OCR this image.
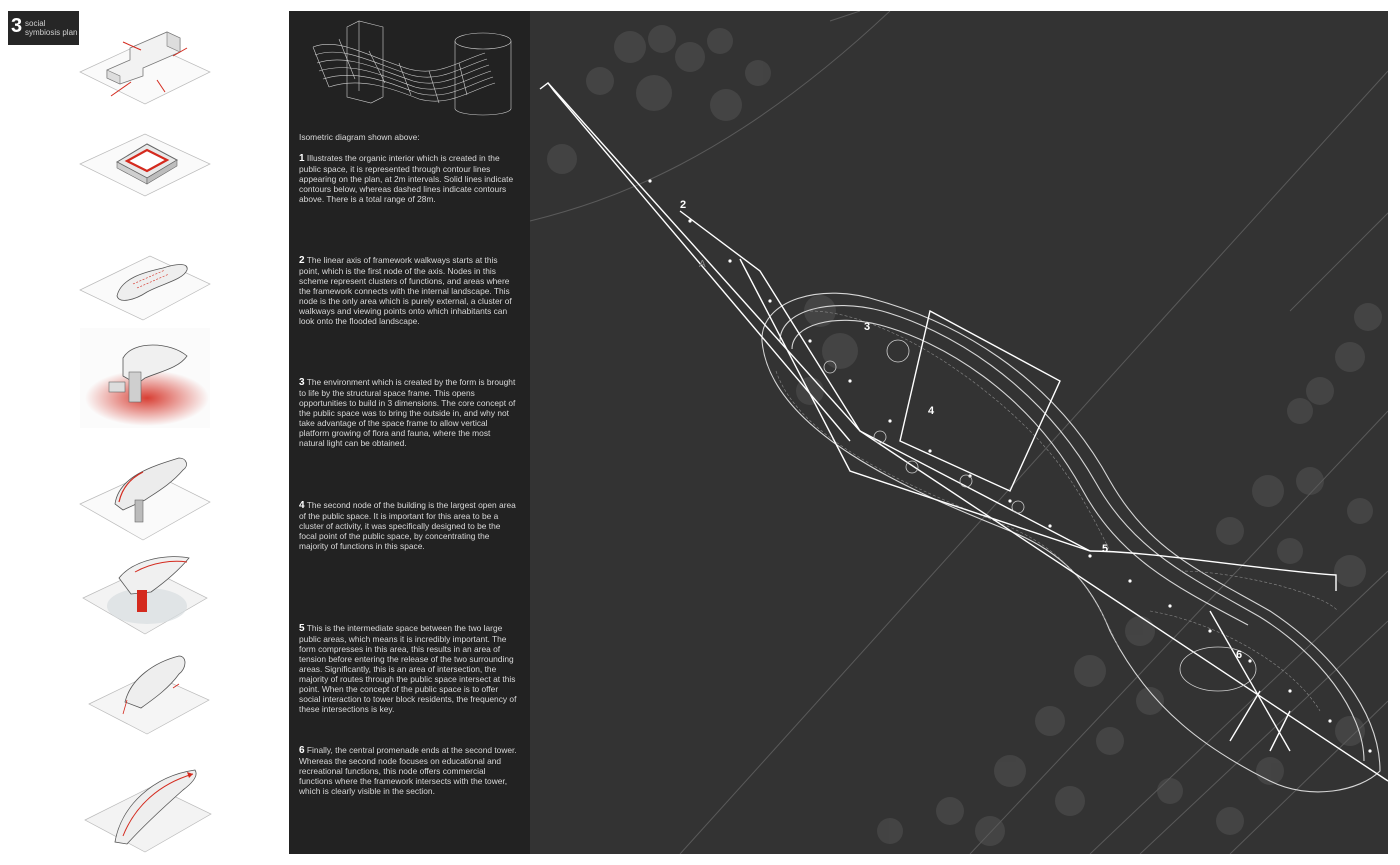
3 social symbiosis plan
Isometric diagram shown above:
1 Illustrates the organic interior which is created in the public space, it is represented through contour lines appearing on the plan, at 2m intervals. Solid lines indicate contours below, whereas dashed lines indicate contours above. There is a total range of 28m.
2 The linear axis of framework walkways starts at this point, which is the first node of the axis. Nodes in this scheme represent clusters of functions, and areas where the framework connects with the internal landscape. This node is the only area which is purely external, a cluster of walkways and viewing points onto which inhabitants can look onto the flooded landscape.
3 The environment which is created by the form is brought to life by the structural space frame. This opens opportunities to build in 3 dimensions. The core concept of the public space was to bring the outside in, and why not take advantage of the space frame to allow vertical platform growing of flora and fauna, where the most natural light can be obtained.
4 The second node of the building is the largest open area of the public space. It is important for this area to be a cluster of activity, it was specifically designed to be the focal point of the public space, by concentrating the majority of functions in this space.
5 This is the intermediate space between the two large public areas, which means it is incredibly important. The form compresses in this area, this results in an area of tension before entering the release of the two surrounding areas. Significantly, this is an area of intersection, the majority of routes through the public space intersect at this point. When the concept of the public space is to offer social interaction to tower block residents, the frequency of these intersections is key.
6 Finally, the central promenade ends at the second tower. Whereas the second node focuses on educational and recreational functions, this node offers commercial functions where the framework intersects with the tower, which is clearly visible in the section.
A
2
3
4
5
6
